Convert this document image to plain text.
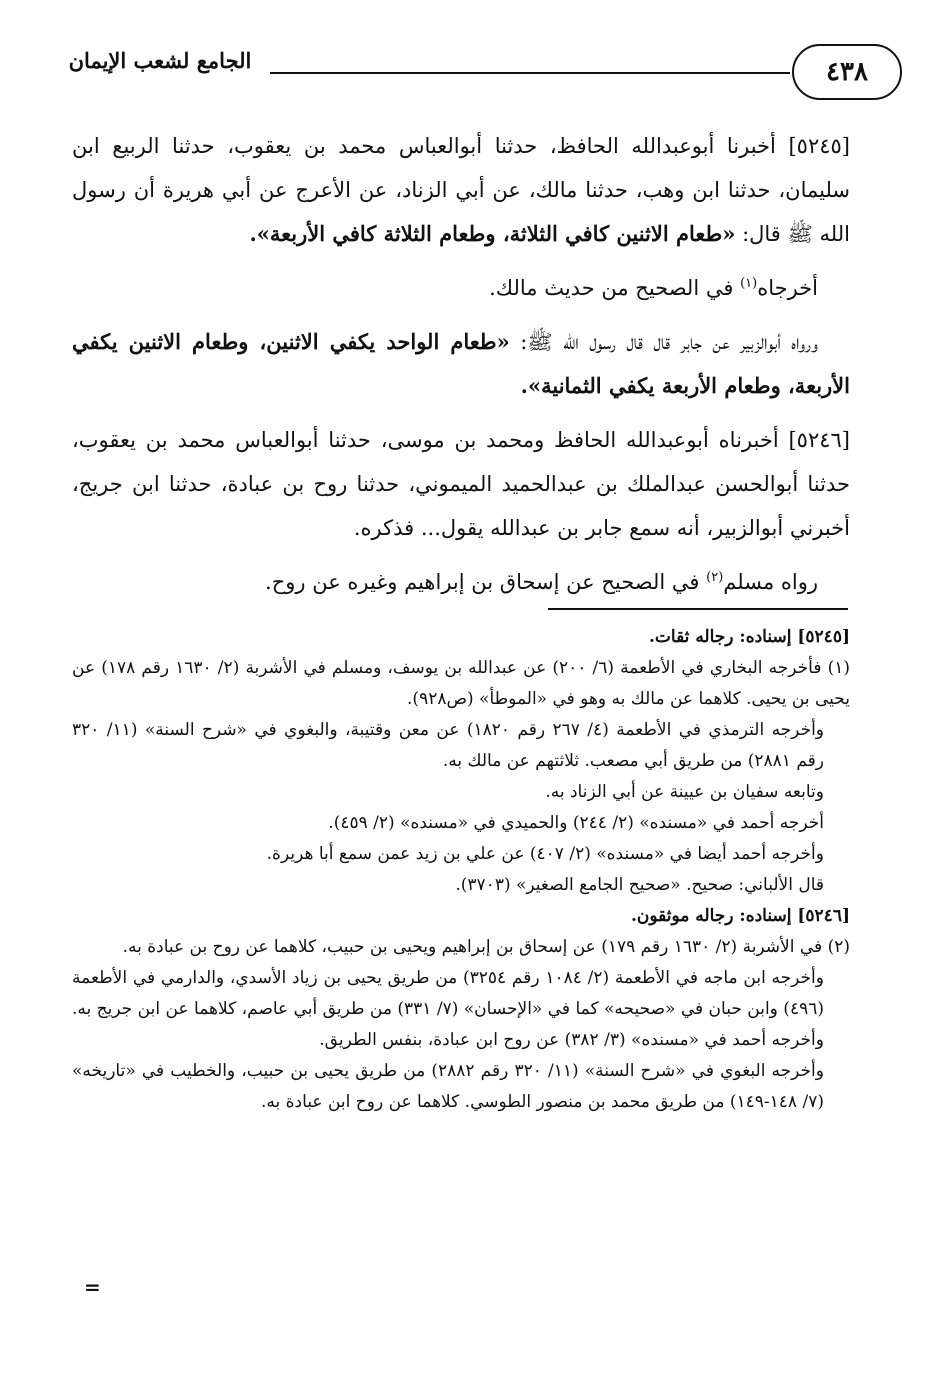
الجامع لشعب الإيمان	٤٣٨

[٥٢٤٥] أخبرنا أبوعبدالله الحافظ، حدثنا أبوالعباس محمد بن يعقوب، حدثنا الربيع ابن سليمان، حدثنا ابن وهب، حدثنا مالك، عن أبي الزناد، عن الأعرج عن أبي هريرة أن رسول الله ﷺ قال: «طعام الاثنين كافي الثلاثة، وطعام الثلاثة كافي الأربعة».

أخرجاه$^{(١)}$ في الصحيح من حديث مالك.

ورواه أبوالزبير عن جابر قال قال رسول الله ﷺ: «طعام الواحد يكفي الاثنين، وطعام الاثنين يكفي الأربعة، وطعام الأربعة يكفي الثمانية».

[٥٢٤٦] أخبرناه أبوعبدالله الحافظ ومحمد بن موسى، حدثنا أبوالعباس محمد بن يعقوب، حدثنا أبوالحسن عبدالملك بن عبدالحميد الميموني، حدثنا روح بن عبادة، حدثنا ابن جريج، أخبرني أبوالزبير، أنه سمع جابر بن عبدالله يقول... فذكره.

رواه مسلم$^{(٢)}$ في الصحيح عن إسحاق بن إبراهيم وغيره عن روح.

[٥٢٤٥] إسناده: رجاله ثقات.

(١) فأخرجه البخاري في الأطعمة (٦/ ٢٠٠) عن عبدالله بن يوسف، ومسلم في الأشربة (٢/ ١٦٣٠ رقم ١٧٨) عن يحيى بن يحيى. كلاهما عن مالك به وهو في «الموطأ» (ص٩٢٨).

وأخرجه الترمذي في الأطعمة (٤/ ٢٦٧ رقم ١٨٢٠) عن معن وقتيبة، والبغوي في «شرح السنة» (١١/ ٣٢٠ رقم ٢٨٨١) من طريق أبي مصعب. ثلاثتهم عن مالك به.

وتابعه سفيان بن عيينة عن أبي الزناد به.

أخرجه أحمد في «مسنده» (٢/ ٢٤٤) والحميدي في «مسنده» (٢/ ٤٥٩).

وأخرجه أحمد أيضا في «مسنده» (٢/ ٤٠٧) عن علي بن زيد عمن سمع أبا هريرة.

قال الألباني: صحيح. «صحيح الجامع الصغير» (٣٧٠٣).

[٥٢٤٦] إسناده: رجاله موثقون.

(٢) في الأشربة (٢/ ١٦٣٠ رقم ١٧٩) عن إسحاق بن إبراهيم ويحيى بن حبيب، كلاهما عن روح بن عبادة به.

وأخرجه ابن ماجه في الأطعمة (٢/ ١٠٨٤ رقم ٣٢٥٤) من طريق يحيى بن زياد الأسدي، والدارمي في الأطعمة (٤٩٦) وابن حبان في «صحيحه» كما في «الإحسان» (٧/ ٣٣١) من طريق أبي عاصم، كلاهما عن ابن جريج به. وأخرجه أحمد في «مسنده» (٣/ ٣٨٢) عن روح ابن عبادة، بنفس الطريق.

وأخرجه البغوي في «شرح السنة» (١١/ ٣٢٠ رقم ٢٨٨٢) من طريق يحيى بن حبيب، والخطيب في «تاريخه» (٧/ ١٤٨-١٤٩) من طريق محمد بن منصور الطوسي. كلاهما عن روح ابن عبادة به.

=
